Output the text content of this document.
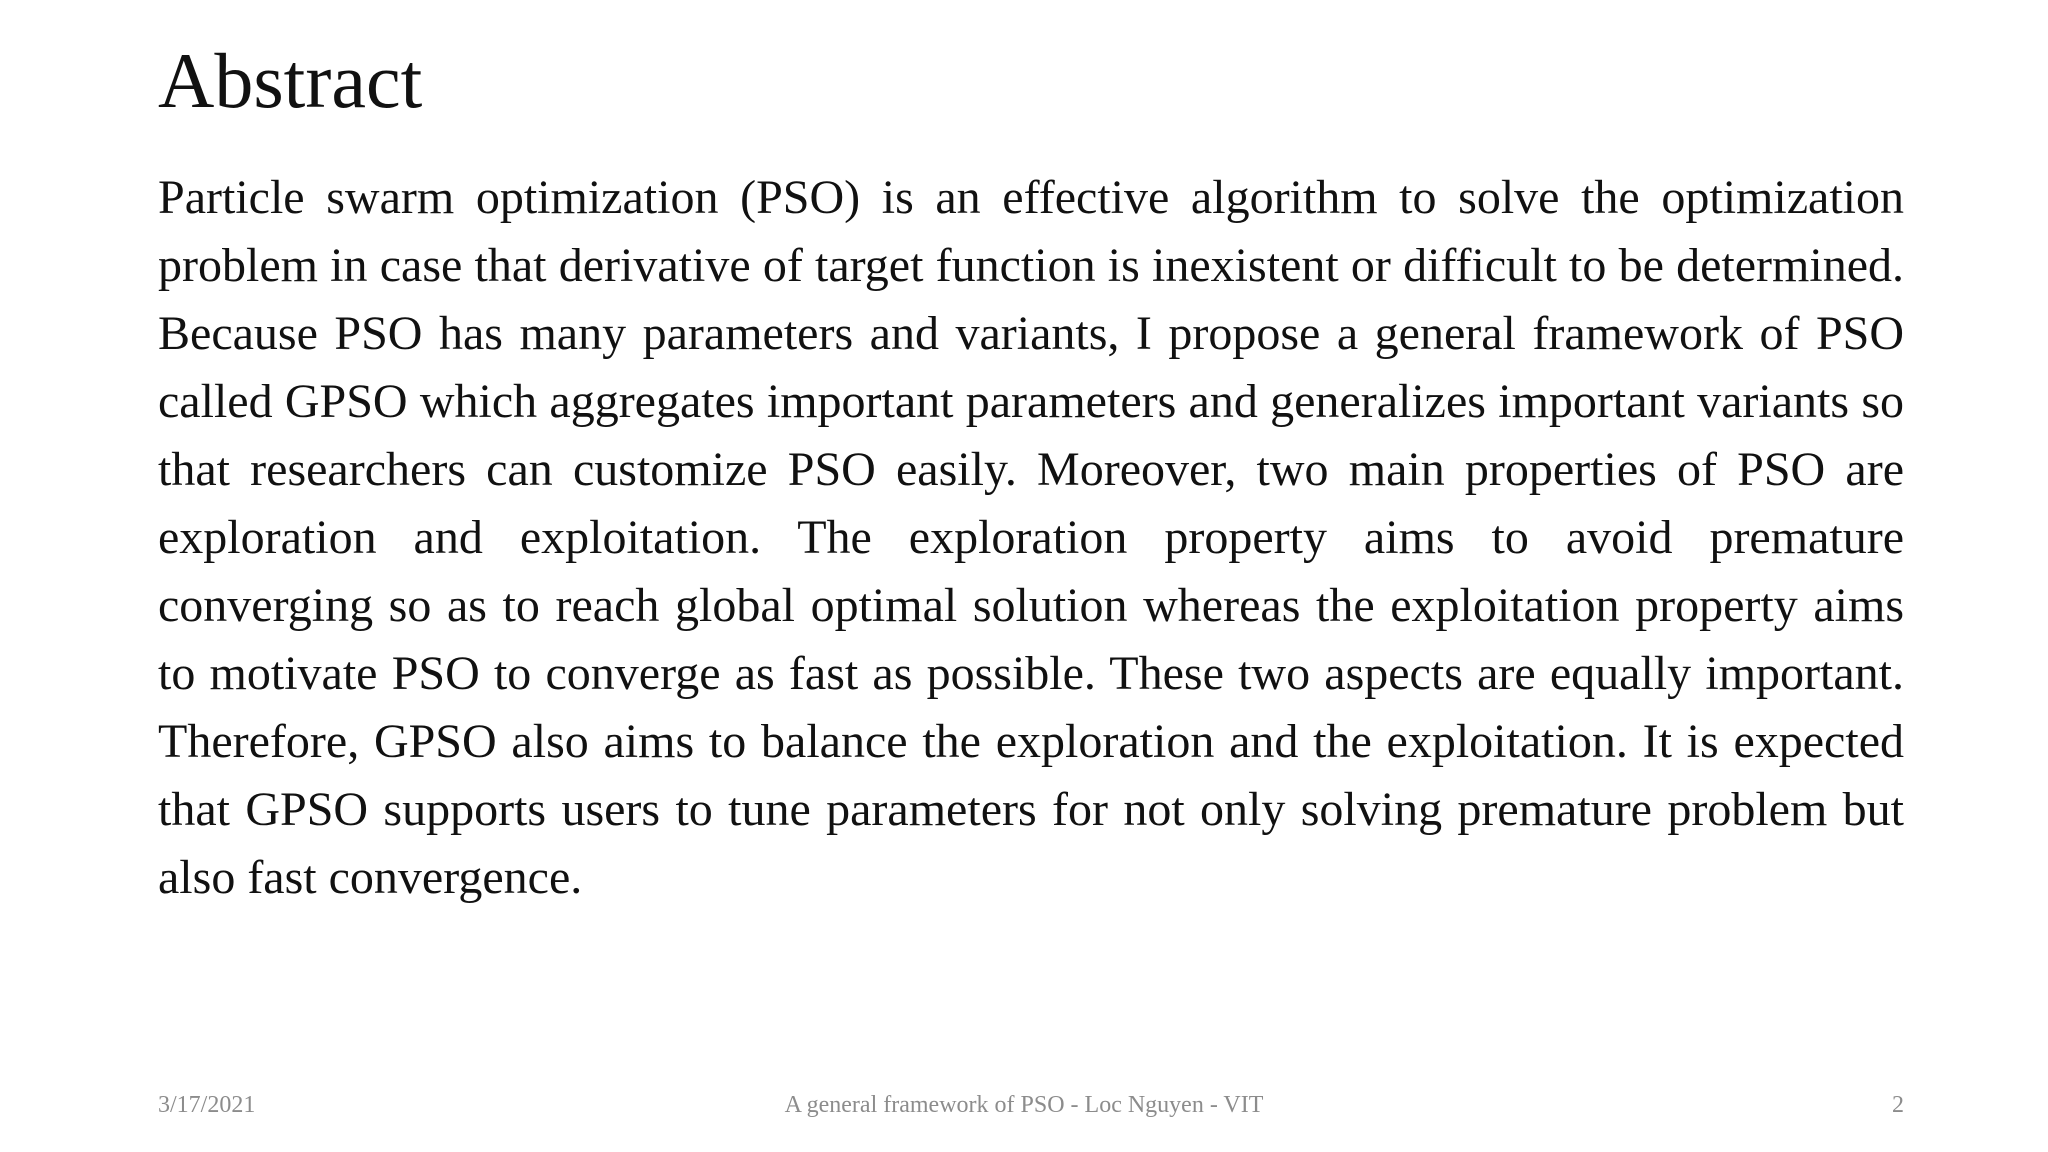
Abstract

Particle swarm optimization (PSO) is an effective algorithm to solve the optimization problem in case that derivative of target function is inexistent or difficult to be determined. Because PSO has many parameters and variants, I propose a general framework of PSO called GPSO which aggregates important parameters and generalizes important variants so that researchers can customize PSO easily. Moreover, two main properties of PSO are exploration and exploitation. The exploration property aims to avoid premature converging so as to reach global optimal solution whereas the exploitation property aims to motivate PSO to converge as fast as possible. These two aspects are equally important. Therefore, GPSO also aims to balance the exploration and the exploitation. It is expected that GPSO supports users to tune parameters for not only solving premature problem but also fast convergence.

A general framework of PSO - Loc Nguyen - VIT
3/17/2021	2
